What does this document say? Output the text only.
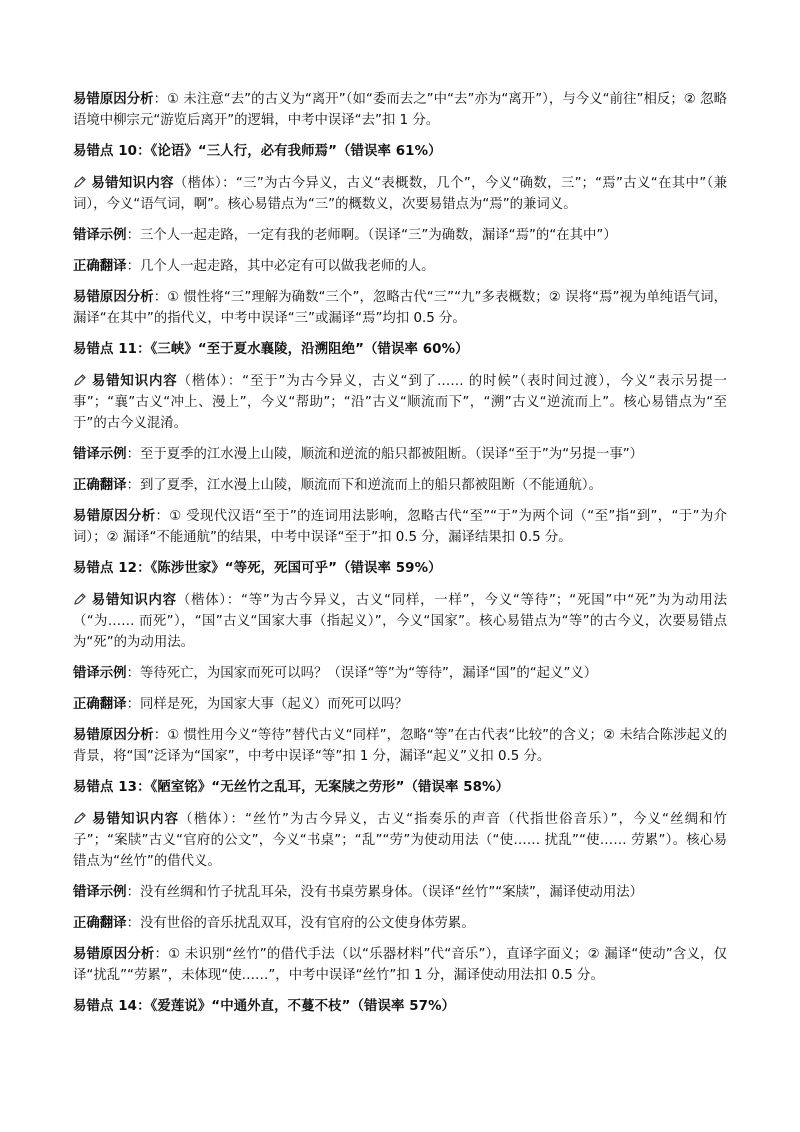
易错原因分析：① 未注意“去”的古义为“离开”（如“委而去之”中“去”亦为“离开”），与今义“前往”相反；② 忽略语境中柳宗元“游览后离开”的逻辑，中考中误译“去”扣 1 分。

易错点 10：《论语》“三人行，必有我师焉”（错误率 61%）

易错知识内容（楷体）：“三”为古今异义，古义“表概数，几个”，今义“确数，三”；“焉”古义“在其中”（兼词），今义“语气词，啊”。核心易错点为“三”的概数义，次要易错点为“焉”的兼词义。

错译示例：三个人一起走路，一定有我的老师啊。（误译“三”为确数，漏译“焉”的“在其中”）

正确翻译：几个人一起走路，其中必定有可以做我老师的人。

易错原因分析：① 惯性将“三”理解为确数“三个”，忽略古代“三”“九”多表概数；② 误将“焉”视为单纯语气词，漏译“在其中”的指代义，中考中误译“三”或漏译“焉”均扣 0.5 分。

易错点 11：《三峡》“至于夏水襄陵，沿溯阻绝”（错误率 60%）

易错知识内容（楷体）：“至于”为古今异义，古义“到了…… 的时候”（表时间过渡），今义“表示另提一事”；“襄”古义“冲上、漫上”，今义“帮助”；“沿”古义“顺流而下”，“溯”古义“逆流而上”。核心易错点为“至于”的古今义混淆。

错译示例：至于夏季的江水漫上山陵，顺流和逆流的船只都被阻断。（误译“至于”为“另提一事”）

正确翻译：到了夏季，江水漫上山陵，顺流而下和逆流而上的船只都被阻断（不能通航）。

易错原因分析：① 受现代汉语“至于”的连词用法影响，忽略古代“至”“于”为两个词（“至”指“到”，“于”为介词）；② 漏译“不能通航”的结果，中考中误译“至于”扣 0.5 分，漏译结果扣 0.5 分。

易错点 12：《陈涉世家》“等死，死国可乎”（错误率 59%）

易错知识内容（楷体）：“等”为古今异义，古义“同样，一样”，今义“等待”；“死国”中“死”为为动用法（“为…… 而死”），“国”古义“国家大事（指起义）”，今义“国家”。核心易错点为“等”的古今义，次要易错点为“死”的为动用法。

错译示例：等待死亡，为国家而死可以吗？（误译“等”为“等待”，漏译“国”的“起义”义）

正确翻译：同样是死，为国家大事（起义）而死可以吗？

易错原因分析：① 惯性用今义“等待”替代古义“同样”，忽略“等”在古代表“比较”的含义；② 未结合陈涉起义的背景，将“国”泛译为“国家”，中考中误译“等”扣 1 分，漏译“起义”义扣 0.5 分。

易错点 13：《陋室铭》“无丝竹之乱耳，无案牍之劳形”（错误率 58%）

易错知识内容（楷体）：“丝竹”为古今异义，古义“指奏乐的声音（代指世俗音乐）”，今义“丝绸和竹子”；“案牍”古义“官府的公文”，今义“书桌”；“乱”“劳”为使动用法（“使…… 扰乱”“使…… 劳累”）。核心易错点为“丝竹”的借代义。

错译示例：没有丝绸和竹子扰乱耳朵，没有书桌劳累身体。（误译“丝竹”“案牍”，漏译使动用法）

正确翻译：没有世俗的音乐扰乱双耳，没有官府的公文使身体劳累。

易错原因分析：① 未识别“丝竹”的借代手法（以“乐器材料”代“音乐”），直译字面义；② 漏译“使动”含义，仅译“扰乱”“劳累”，未体现“使……”，中考中误译“丝竹”扣 1 分，漏译使动用法扣 0.5 分。

易错点 14：《爱莲说》“中通外直，不蔓不枝”（错误率 57%）
